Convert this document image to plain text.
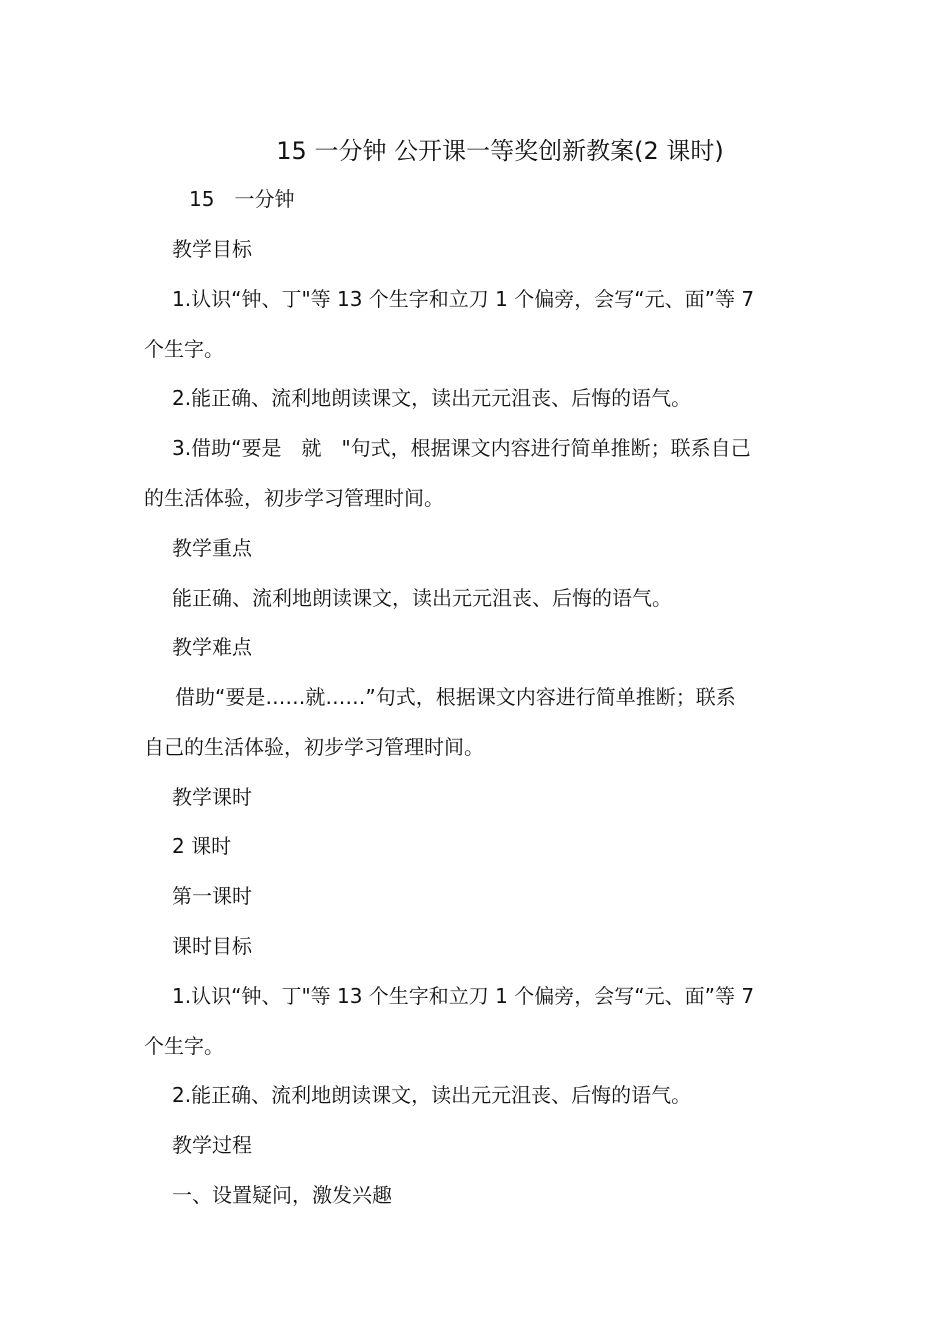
15 一分钟 公开课一等奖创新教案(2 课时)
15　一分钟
教学目标
1.认识“钟、丁"等 13 个生字和立刀 1 个偏旁，会写“元、面”等 7
个生字。
2.能正确、流利地朗读课文，读出元元沮丧、后悔的语气。
3.借助“要是　就　"句式，根据课文内容进行简单推断；联系自己
的生活体验，初步学习管理时间。
教学重点
能正确、流利地朗读课文，读出元元沮丧、后悔的语气。
教学难点
借助“要是……就……”句式，根据课文内容进行简单推断；联系
自己的生活体验，初步学习管理时间。
教学课时
2 课时
第一课时
课时目标
1.认识“钟、丁"等 13 个生字和立刀 1 个偏旁，会写“元、面”等 7
个生字。
2.能正确、流利地朗读课文，读出元元沮丧、后悔的语气。
教学过程
一、设置疑问，激发兴趣
